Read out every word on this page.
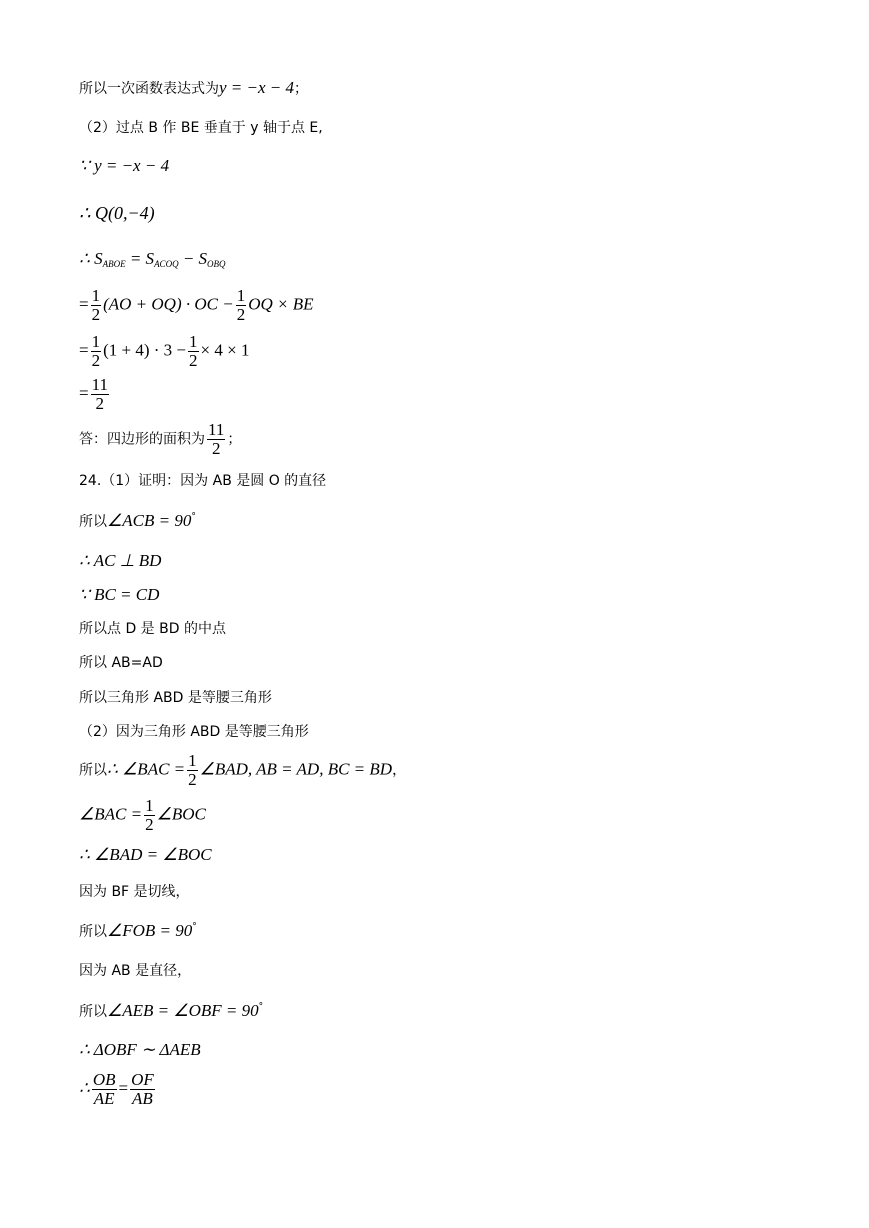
所以一次函数表达式为y = −x − 4；
（2）过点 B 作 BE 垂直于 y 轴于点 E,
∵ y = −x − 4
∴ Q(0,−4)
∴ $S_{ABOE} = S_{ACOQ} - S_{OBQ}$
= $\frac{1}{2} (AO + OQ)$ · OC − $\frac{1}{2}$ OQ × BE
= $\frac{1}{2} (1 + 4) \cdot 3 - \frac{1}{2} \times 4 \times 1$
= $\frac{11}{2}$
答：四边形的面积为 $\frac{11}{2}$ ；
24.（1）证明：因为 AB 是圆 O 的直径
所以∠ACB = 90°
∴ AC ⊥ BD
∵ BC = CD
所以点 D 是 BD 的中点
所以 AB=AD
所以三角形 ABD 是等腰三角形
（2）因为三角形 ABD 是等腰三角形
所以∴ ∠BAC = $\frac{1}{2}$ ∠BAD, AB = AD, BC = BD，
∠BAC = $\frac{1}{2}$ ∠BOC
∴ ∠BAD = ∠BOC
因为 BF 是切线，
所以∠FOB = 90°
因为 AB 是直径，
所以∠AEB = ∠OBF = 90°
∴ ΔOBF ∼ ΔAEB
∴ $\frac{OB}{AE} = \frac{OF}{AB}$
